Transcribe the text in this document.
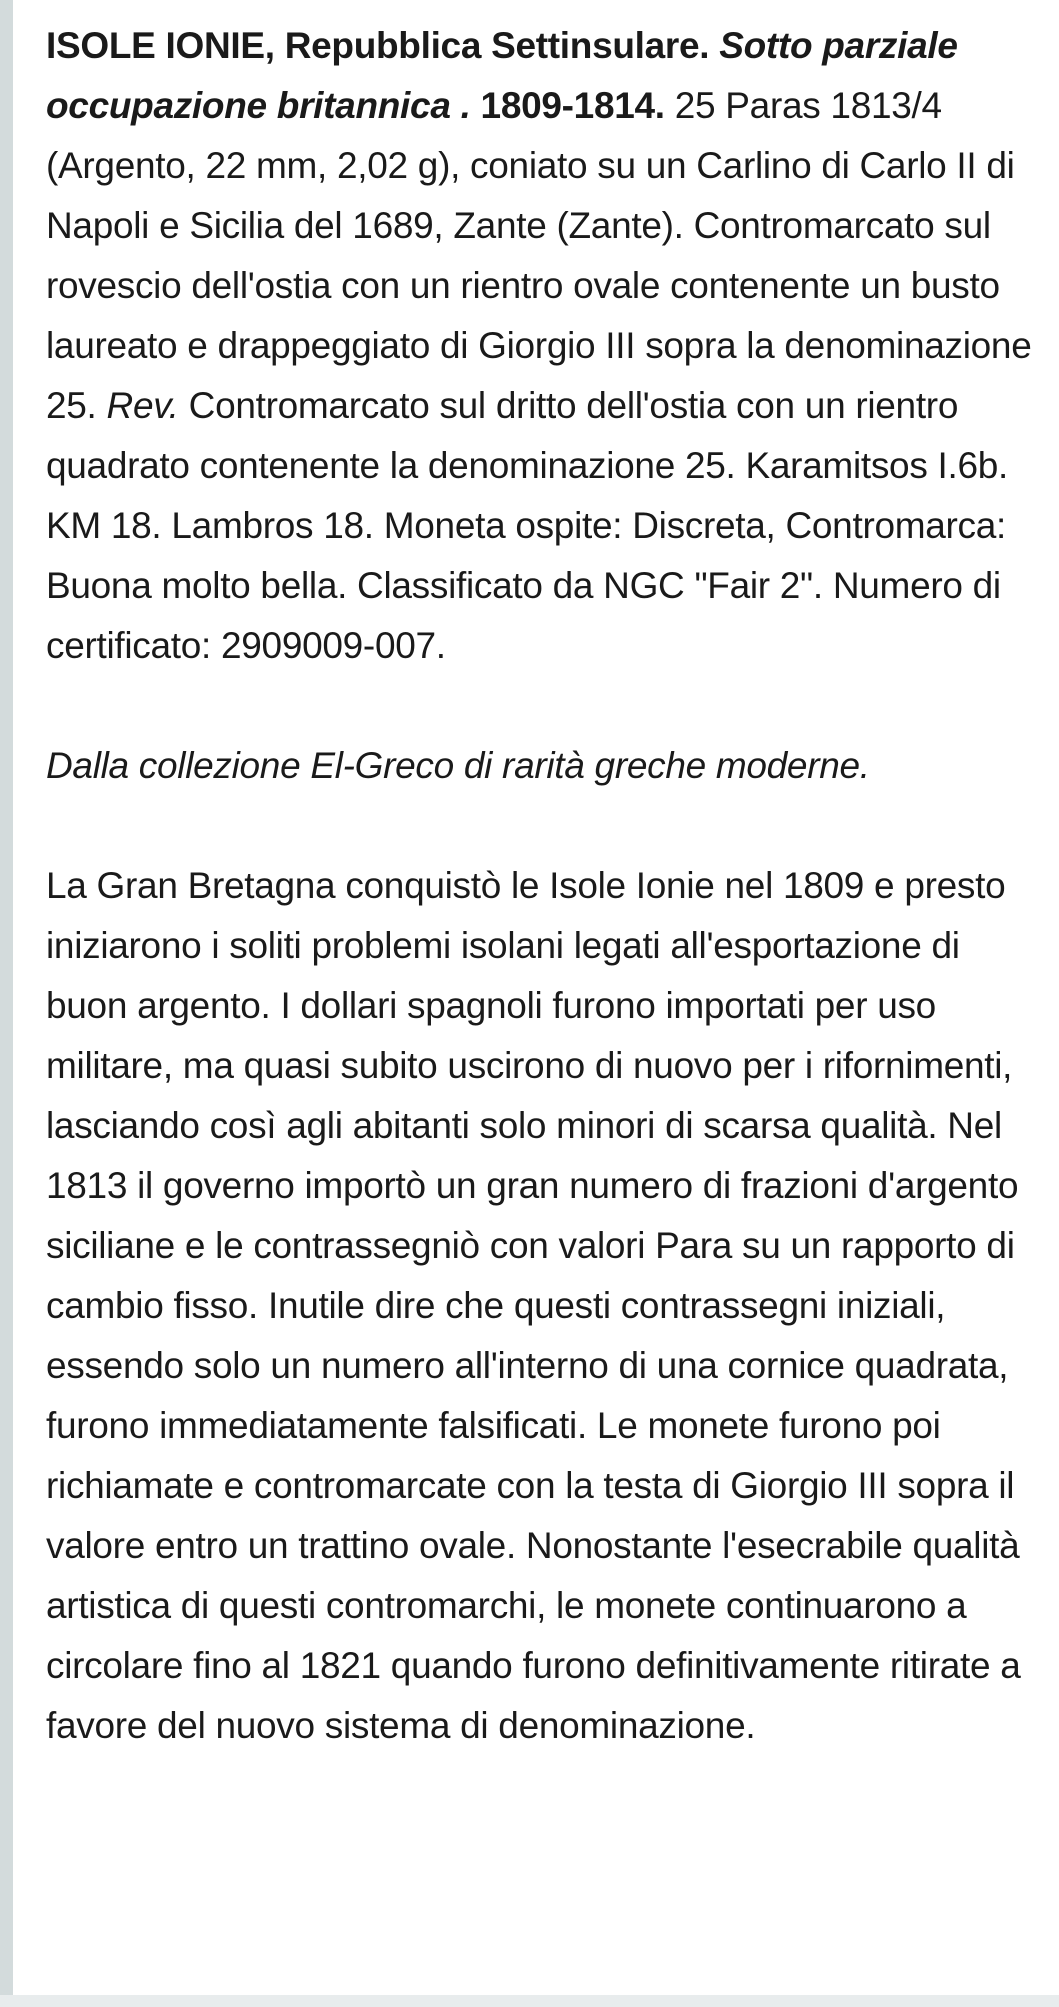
ISOLE IONIE, Repubblica Settinsulare. Sotto parziale occupazione britannica . 1809-1814. 25 Paras 1813/4 (Argento, 22 mm, 2,02 g), coniato su un Carlino di Carlo II di Napoli e Sicilia del 1689, Zante (Zante). Contromarcato sul rovescio dell'ostia con un rientro ovale contenente un busto laureato e drappeggiato di Giorgio III sopra la denominazione 25. Rev. Contromarcato sul dritto dell'ostia con un rientro quadrato contenente la denominazione 25. Karamitsos I.6b. KM 18. Lambros 18. Moneta ospite: Discreta, Contromarca: Buona molto bella. Classificato da NGC "Fair 2". Numero di certificato: 2909009-007.

Dalla collezione El-Greco di rarità greche moderne.

La Gran Bretagna conquistò le Isole Ionie nel 1809 e presto iniziarono i soliti problemi isolani legati all'esportazione di buon argento. I dollari spagnoli furono importati per uso militare, ma quasi subito uscirono di nuovo per i rifornimenti, lasciando così agli abitanti solo minori di scarsa qualità. Nel 1813 il governo importò un gran numero di frazioni d'argento siciliane e le contrassegniò con valori Para su un rapporto di cambio fisso. Inutile dire che questi contrassegni iniziali, essendo solo un numero all'interno di una cornice quadrata, furono immediatamente falsificati. Le monete furono poi richiamate e contromarcate con la testa di Giorgio III sopra il valore entro un trattino ovale. Nonostante l'esecrabile qualità artistica di questi contromarchi, le monete continuarono a circolare fino al 1821 quando furono definitivamente ritirate a favore del nuovo sistema di denominazione.
